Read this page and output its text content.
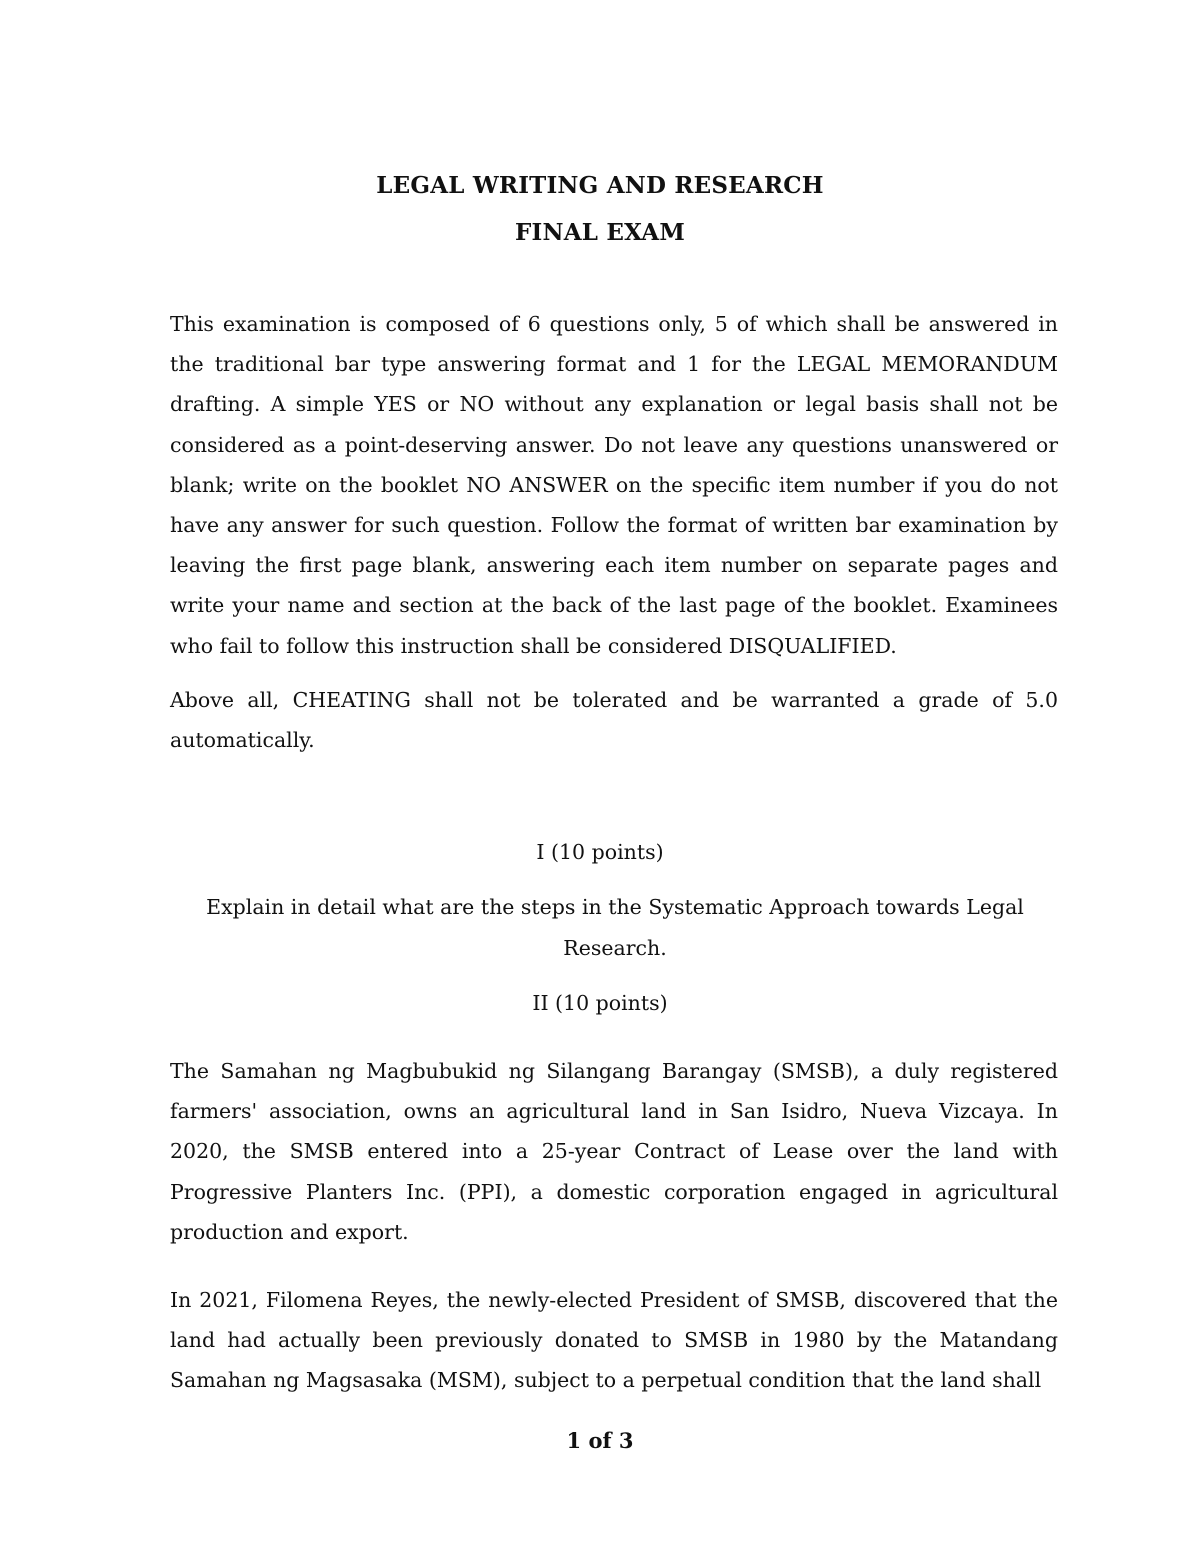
LEGAL WRITING AND RESEARCH
FINAL EXAM

This examination is composed of 6 questions only, 5 of which shall be answered in the traditional bar type answering format and 1 for the LEGAL MEMORANDUM drafting. A simple YES or NO without any explanation or legal basis shall not be considered as a point-deserving answer. Do not leave any questions unanswered or blank; write on the booklet NO ANSWER on the specific item number if you do not have any answer for such question. Follow the format of written bar examination by leaving the first page blank, answering each item number on separate pages and write your name and section at the back of the last page of the booklet. Examinees who fail to follow this instruction shall be considered DISQUALIFIED.

Above all, CHEATING shall not be tolerated and be warranted a grade of 5.0 automatically.

I (10 points)

Explain in detail what are the steps in the Systematic Approach towards Legal Research.

II (10 points)

The Samahan ng Magbubukid ng Silangang Barangay (SMSB), a duly registered farmers' association, owns an agricultural land in San Isidro, Nueva Vizcaya. In 2020, the SMSB entered into a 25-year Contract of Lease over the land with Progressive Planters Inc. (PPI), a domestic corporation engaged in agricultural production and export.

In 2021, Filomena Reyes, the newly-elected President of SMSB, discovered that the land had actually been previously donated to SMSB in 1980 by the Matandang Samahan ng Magsasaka (MSM), subject to a perpetual condition that the land shall

1 of 3
